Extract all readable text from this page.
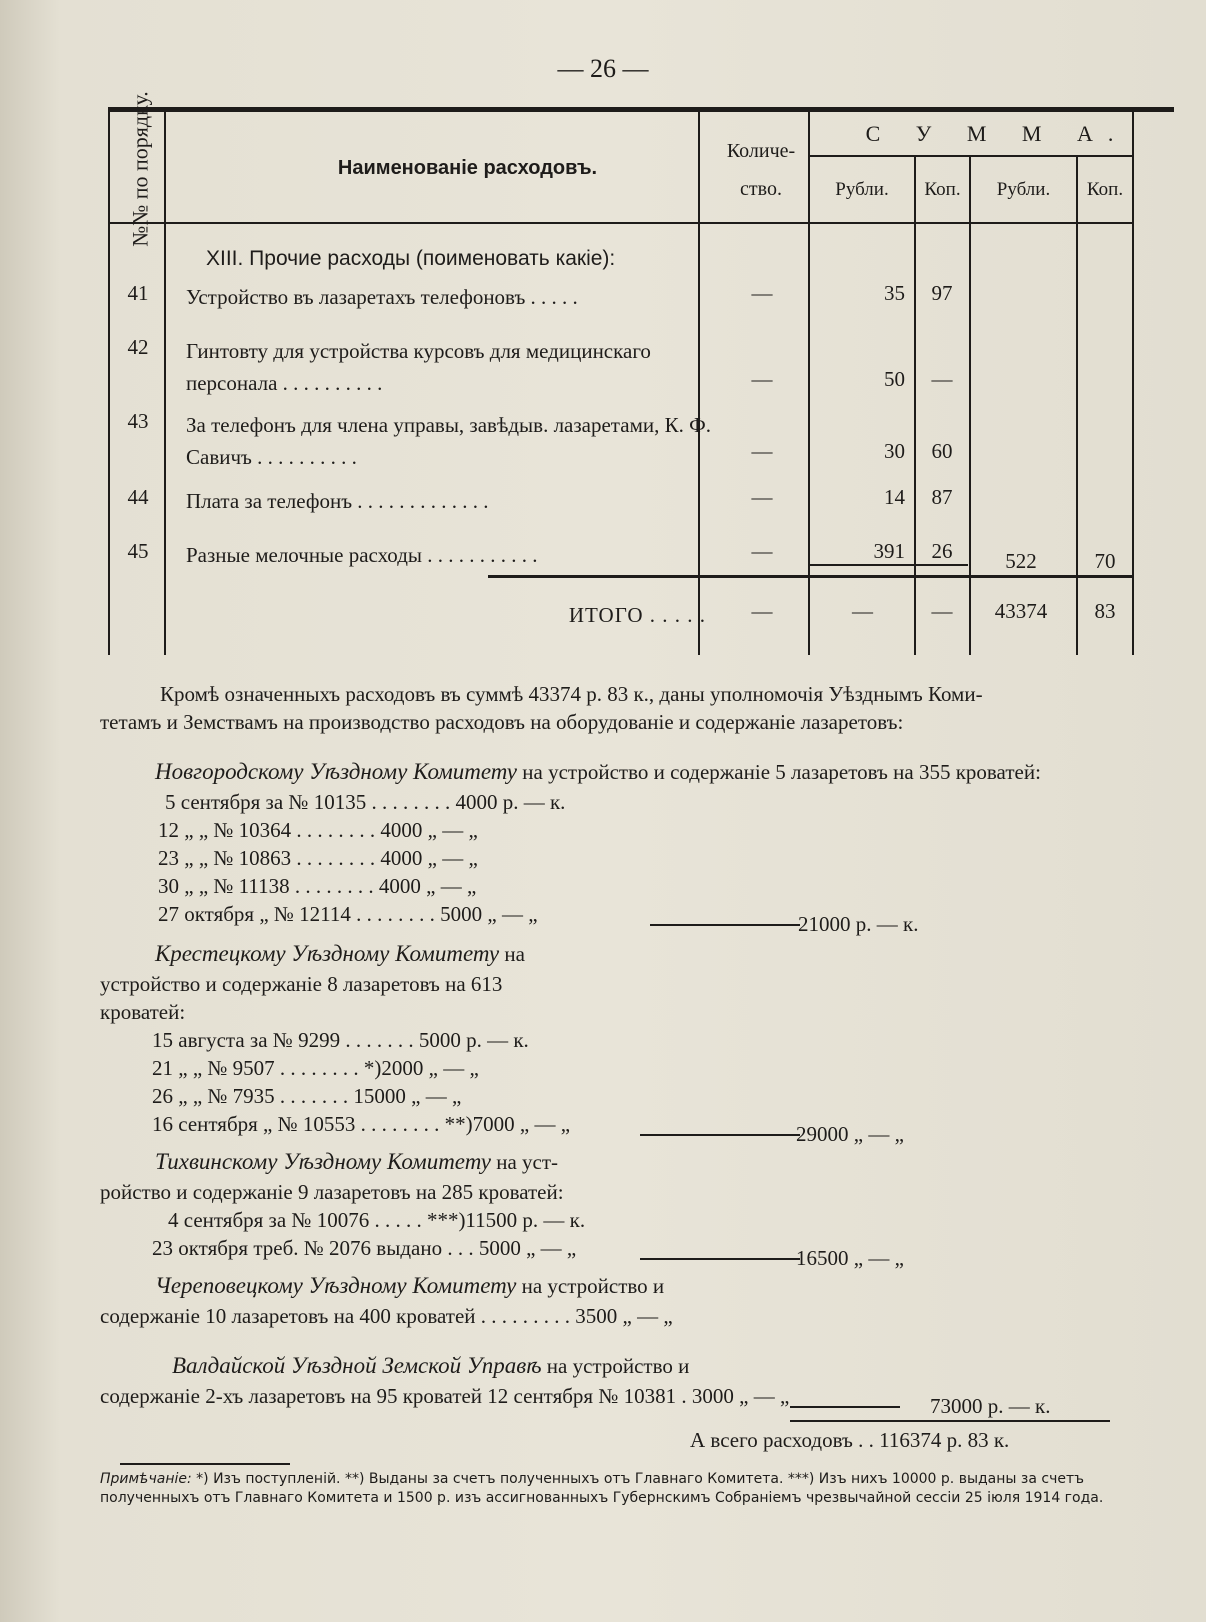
— 26 —
№№ по порядку.	Наименованіе расходовъ.
Количе-
ство.
С У М М А.
Рубли.	Коп.	Рубли.	Коп.
XIII. Прочие расходы (поименовать какіе):
41	Устройство въ лазаретахъ телефоновъ . . . . .	—	35	97
42	Гинтовту для устройства курсовъ для медицинскаго персонала . . . . . . . . . .	—	50	—
43	За телефонъ для члена управы, завѣдыв. лазаретами, К. Ф. Савичъ . . . . . . . . . .	—	30	60
44	Плата за телефонъ . . . . . . . . . . . . .	—	14	87
45	Разные мелочные расходы . . . . . . . . . . .	—	391	26	522	70
ИТОГО . . . . .	—	—	—	43374	83
Кромѣ означенныхъ расходовъ въ суммѣ 43374 р. 83 к., даны уполномочія Уѣзднымъ Коми-
тетамъ и Земствамъ на производство расходовъ на оборудованіе и содержаніе лазаретовъ:
Новгородскому Уѣздному Комитету на устройство и содержаніе 5 лазаретовъ на 355 кроватей:
5 сентября за № 10135 . . . . . . . . 4000 р. — к.
12 „ „ № 10364 . . . . . . . . 4000 „ — „
23 „ „ № 10863 . . . . . . . . 4000 „ — „
30 „ „ № 11138 . . . . . . . . 4000 „ — „
27 октября „ № 12114 . . . . . . . . 5000 „ — „	21000 р. — к.
Крестецкому Уѣздному Комитету на
устройство и содержаніе 8 лазаретовъ на 613
кроватей:
15 августа за № 9299 . . . . . . . 5000 р. — к.
21 „ „ № 9507 . . . . . . . . *)2000 „ — „
26 „ „ № 7935 . . . . . . . 15000 „ — „
16 сентября „ № 10553 . . . . . . . . **)7000 „ — „	29000 „ — „
Тихвинскому Уѣздному Комитету на уст-
ройство и содержаніе 9 лазаретовъ на 285 кроватей:
4 сентября за № 10076 . . . . . ***)11500 р. — к.
23 октября треб. № 2076 выдано . . . 5000 „ — „	16500 „ — „
Череповецкому Уѣздному Комитету на устройство и
содержаніе 10 лазаретовъ на 400 кроватей . . . . . . . . . 3500 „ — „
Валдайской Уѣздной Земской Управѣ на устройство и
содержаніе 2-хъ лазаретовъ на 95 кроватей 12 сентября № 10381 . 3000 „ — „	73000 р. — к.
А всего расходовъ . . 116374 р. 83 к.
Примѣчаніе: *) Изъ поступленій. **) Выданы за счетъ полученныхъ отъ Главнаго Комитета. ***) Изъ нихъ 10000 р. выданы за счетъ полученныхъ отъ Главнаго Комитета и 1500 р. изъ ассигнованныхъ Губернскимъ Собраніемъ чрезвычайной сессіи 25 іюля 1914 года.
